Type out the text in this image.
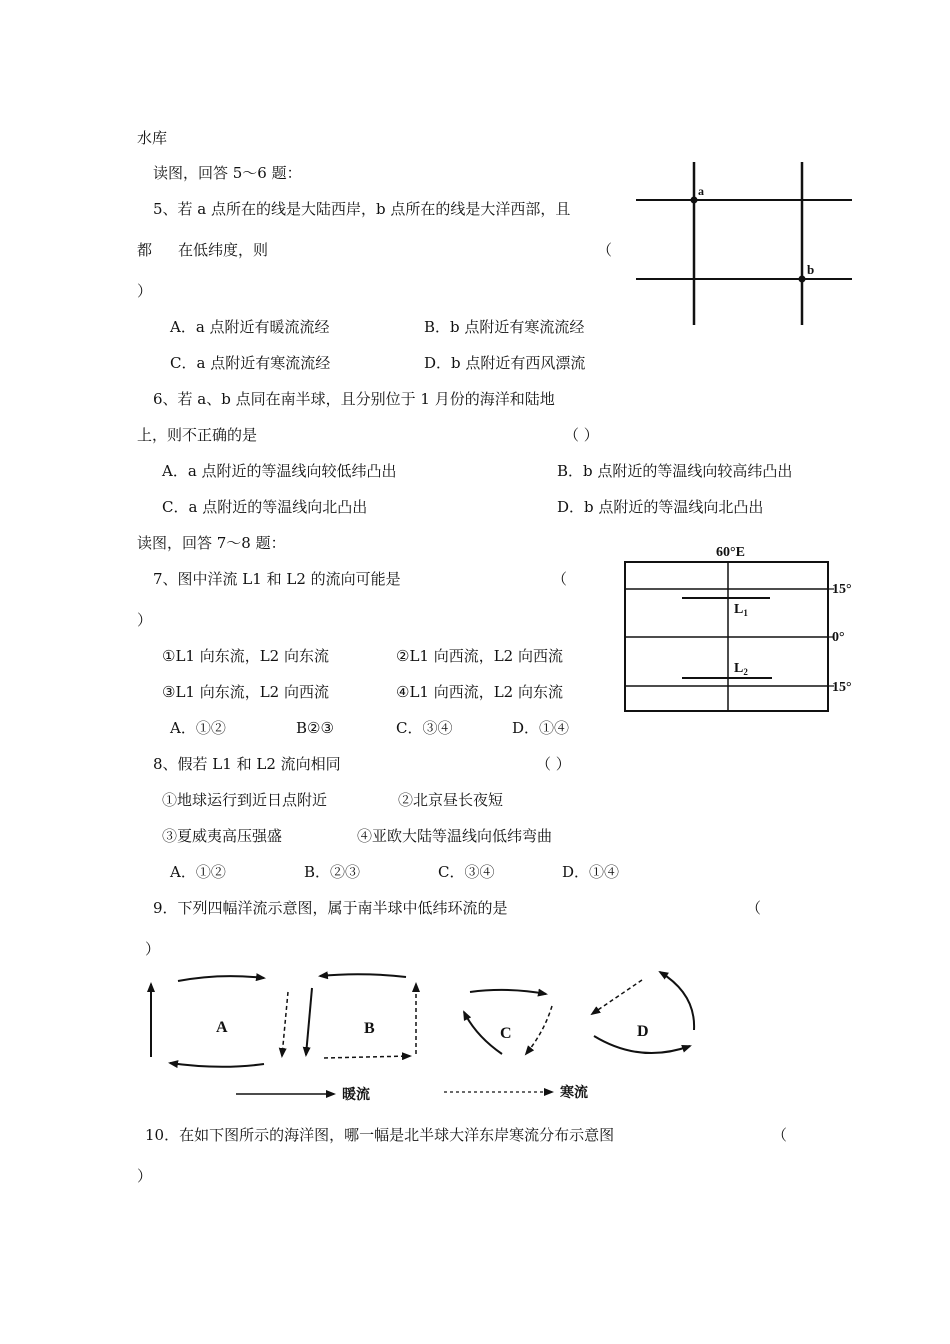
水库
读图，回答 5～6 题：
5、若 a 点所在的线是大陆西岸，b 点所在的线是大洋西部，且
都 在低纬度，则	（
）
A．a 点附近有暖流流经	B．b 点附近有寒流流经
C．a 点附近有寒流流经	D．b 点附近有西风漂流
6、若 a、b 点同在南半球，且分别位于 1 月份的海洋和陆地
上，则不正确的是	（ ）
A．a 点附近的等温线向较低纬凸出	B．b 点附近的等温线向较高纬凸出
C．a 点附近的等温线向北凸出	D．b 点附近的等温线向北凸出
读图，回答 7～8 题：
7、图中洋流 L1 和 L2 的流向可能是	（
）
①L1 向东流，L2 向东流	②L1 向西流，L2 向西流
③L1 向东流，L2 向西流	④L1 向西流，L2 向东流
A．①②	B②③	C．③④	D．①④
8、假若 L1 和 L2 流向相同	（ ）
①地球运行到近日点附近	②北京昼长夜短
③夏威夷高压强盛	④亚欧大陆等温线向低纬弯曲
A．①②	B．②③	C．③④	D．①④
9．下列四幅洋流示意图，属于南半球中低纬环流的是	（
）
10．在如下图所示的海洋图，哪一幅是北半球大洋东岸寒流分布示意图	（
）
a
b
60°E
$L_1$
$L_2$
15°
0°
15°
A	B	C	D
暖流	寒流
